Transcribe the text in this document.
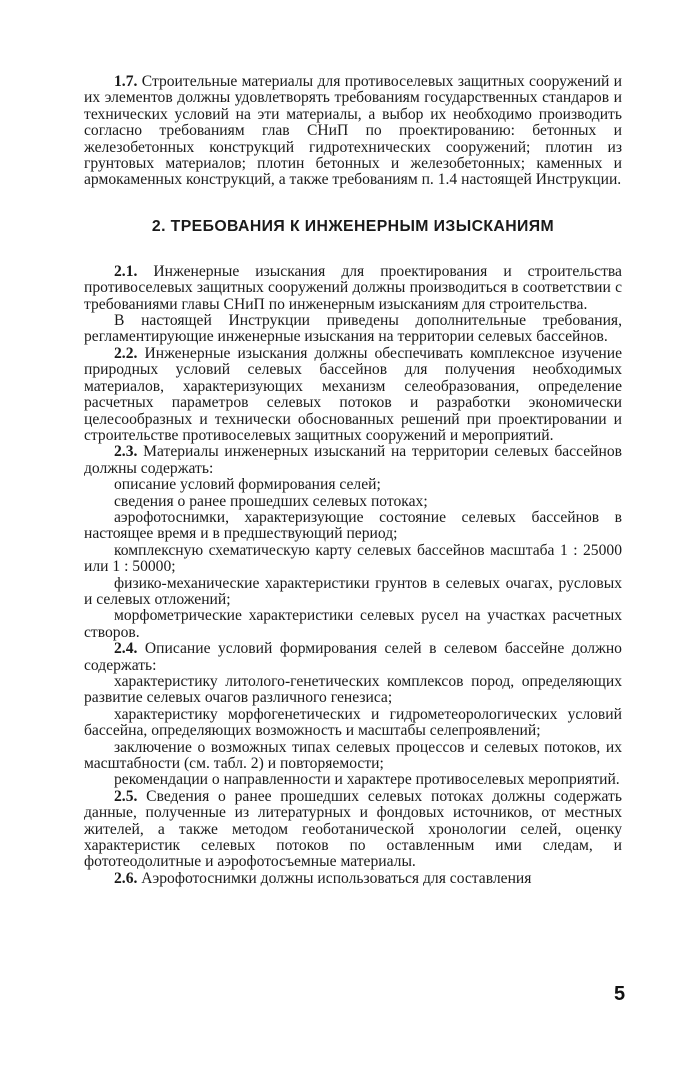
1.7. Строительные материалы для противоселевых защитных сооружений и их элементов должны удовлетворять требованиям государственных стандаров и технических условий на эти материалы, а выбор их необходимо производить согласно требованиям глав СНиП по проектированию: бетонных и железобетонных конструкций гидротехнических сооружений; плотин из грунтовых материалов; плотин бетонных и железобетонных; каменных и армокаменных конструкций, а также требованиям п. 1.4 настоящей Инструкции.

2. ТРЕБОВАНИЯ К ИНЖЕНЕРНЫМ ИЗЫСКАНИЯМ

2.1. Инженерные изыскания для проектирования и строительства противоселевых защитных сооружений должны производиться в соответствии с требованиями главы СНиП по инженерным изысканиям для строительства.

В настоящей Инструкции приведены дополнительные требования, регламентирующие инженерные изыскания на территории селевых бассейнов.

2.2. Инженерные изыскания должны обеспечивать комплексное изучение природных условий селевых бассейнов для получения необходимых материалов, характеризующих механизм селеобразования, определение расчетных параметров селевых потоков и разработки экономически целесообразных и технически обоснованных решений при проектировании и строительстве противоселевых защитных сооружений и мероприятий.

2.3. Материалы инженерных изысканий на территории селевых бассейнов должны содержать:

описание условий формирования селей;

сведения о ранее прошедших селевых потоках;

аэрофотоснимки, характеризующие состояние селевых бассейнов в настоящее время и в предшествующий период;

комплексную схематическую карту селевых бассейнов масштаба 1 : 25000 или 1 : 50000;

физико-механические характеристики грунтов в селевых очагах, русловых и селевых отложений;

морфометрические характеристики селевых русел на участках расчетных створов.

2.4. Описание условий формирования селей в селевом бассейне должно содержать:

характеристику литолого-генетических комплексов пород, определяющих развитие селевых очагов различного генезиса;

характеристику морфогенетических и гидрометеорологических условий бассейна, определяющих возможность и масштабы селепроявлений;

заключение о возможных типах селевых процессов и селевых потоков, их масштабности (см. табл. 2) и повторяемости;

рекомендации о направленности и характере противоселевых мероприятий.

2.5. Сведения о ранее прошедших селевых потоках должны содержать данные, полученные из литературных и фондовых источников, от местных жителей, а также методом геоботанической хронологии селей, оценку характеристик селевых потоков по оставленным ими следам, и фототеодолитные и аэрофотосъемные материалы.

2.6. Аэрофотоснимки должны использоваться для составления

5
